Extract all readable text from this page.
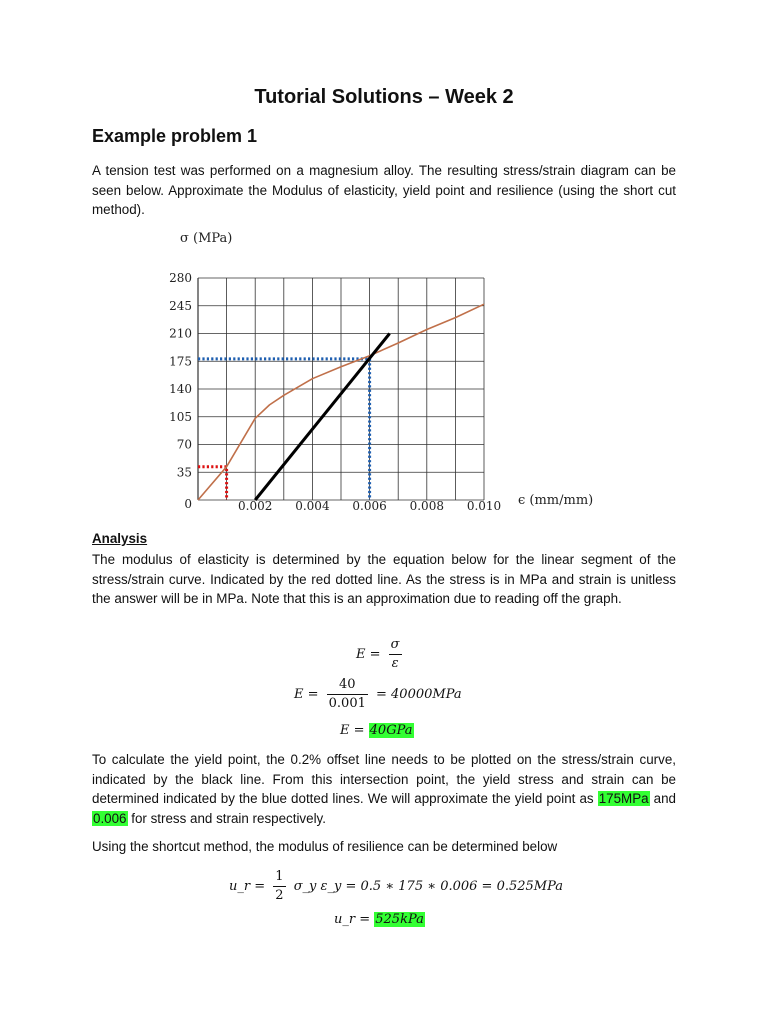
Tutorial Solutions – Week 2
Example problem 1
A tension test was performed on a magnesium alloy. The resulting stress/strain diagram can be seen below. Approximate the Modulus of elasticity, yield point and resilience (using the short cut method).
35
70
105
140
175
210
245
280
0	0.002 0.004 0.006 0.008 0.010
σ (MPa)
ϵ (mm/mm)
Analysis
The modulus of elasticity is determined by the equation below for the linear segment of the stress/strain curve. Indicated by the red dotted line. As the stress is in MPa and strain is unitless the answer will be in MPa. Note that this is an approximation due to reading off the graph.
$E = \frac{\sigma}{\varepsilon}$
$E = \frac{40}{0.001} = 40000MPa$
E = 40GPa
To calculate the yield point, the 0.2% offset line needs to be plotted on the stress/strain curve, indicated by the black line. From this intersection point, the yield stress and strain can be determined indicated by the blue dotted lines. We will approximate the yield point as 175MPa and 0.006 for stress and strain respectively.
Using the shortcut method, the modulus of resilience can be determined below
u_r = $\frac{1}{2}$ σ_y ε_y = 0.5 ∗ 175 ∗ 0.006 = 0.525MPa
u_r = 525kPa
